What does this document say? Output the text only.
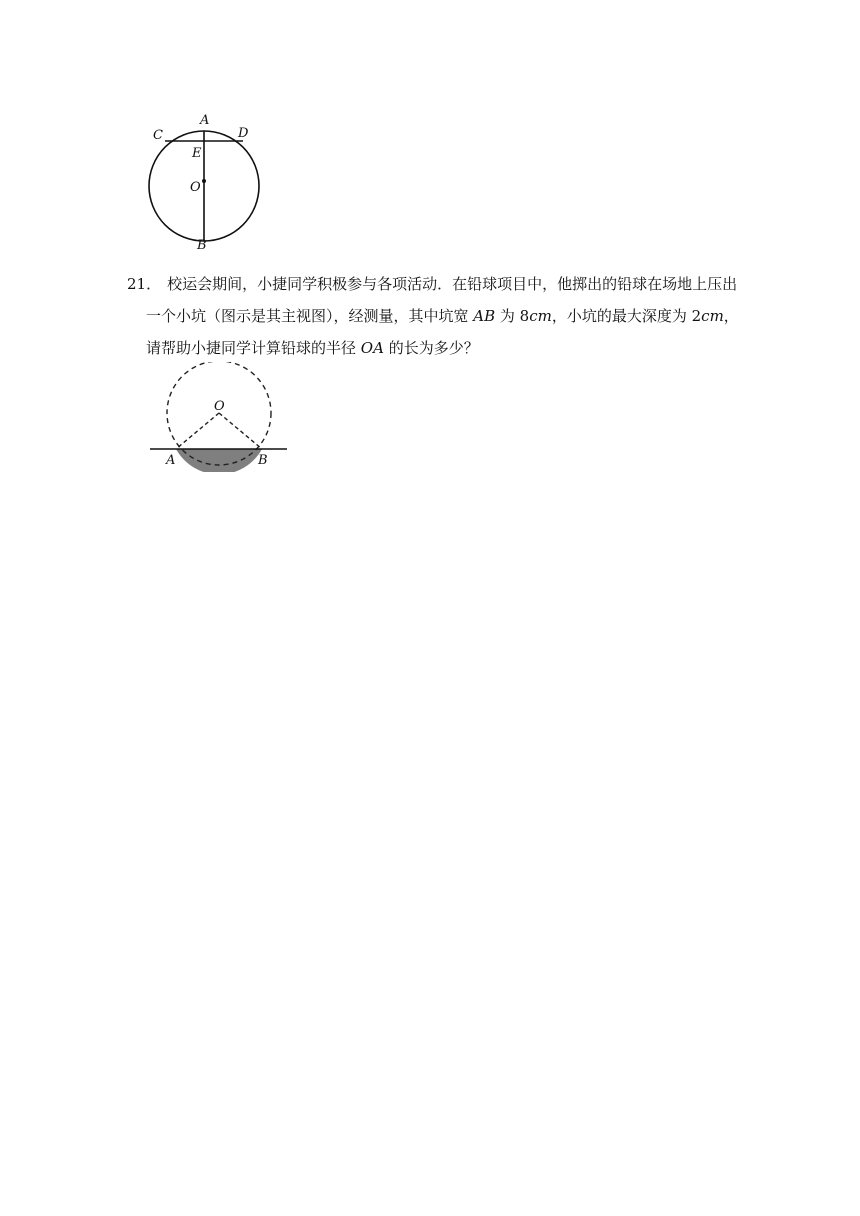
A
C	D
E
O
B

21． 校运会期间，小捷同学积极参与各项活动．在铅球项目中，他掷出的铅球在场地上压出
一个小坑（图示是其主视图），经测量，其中坑宽 AB 为 8cm，小坑的最大深度为 2cm，
请帮助小捷同学计算铅球的半径 OA 的长为多少？

O
A	B
